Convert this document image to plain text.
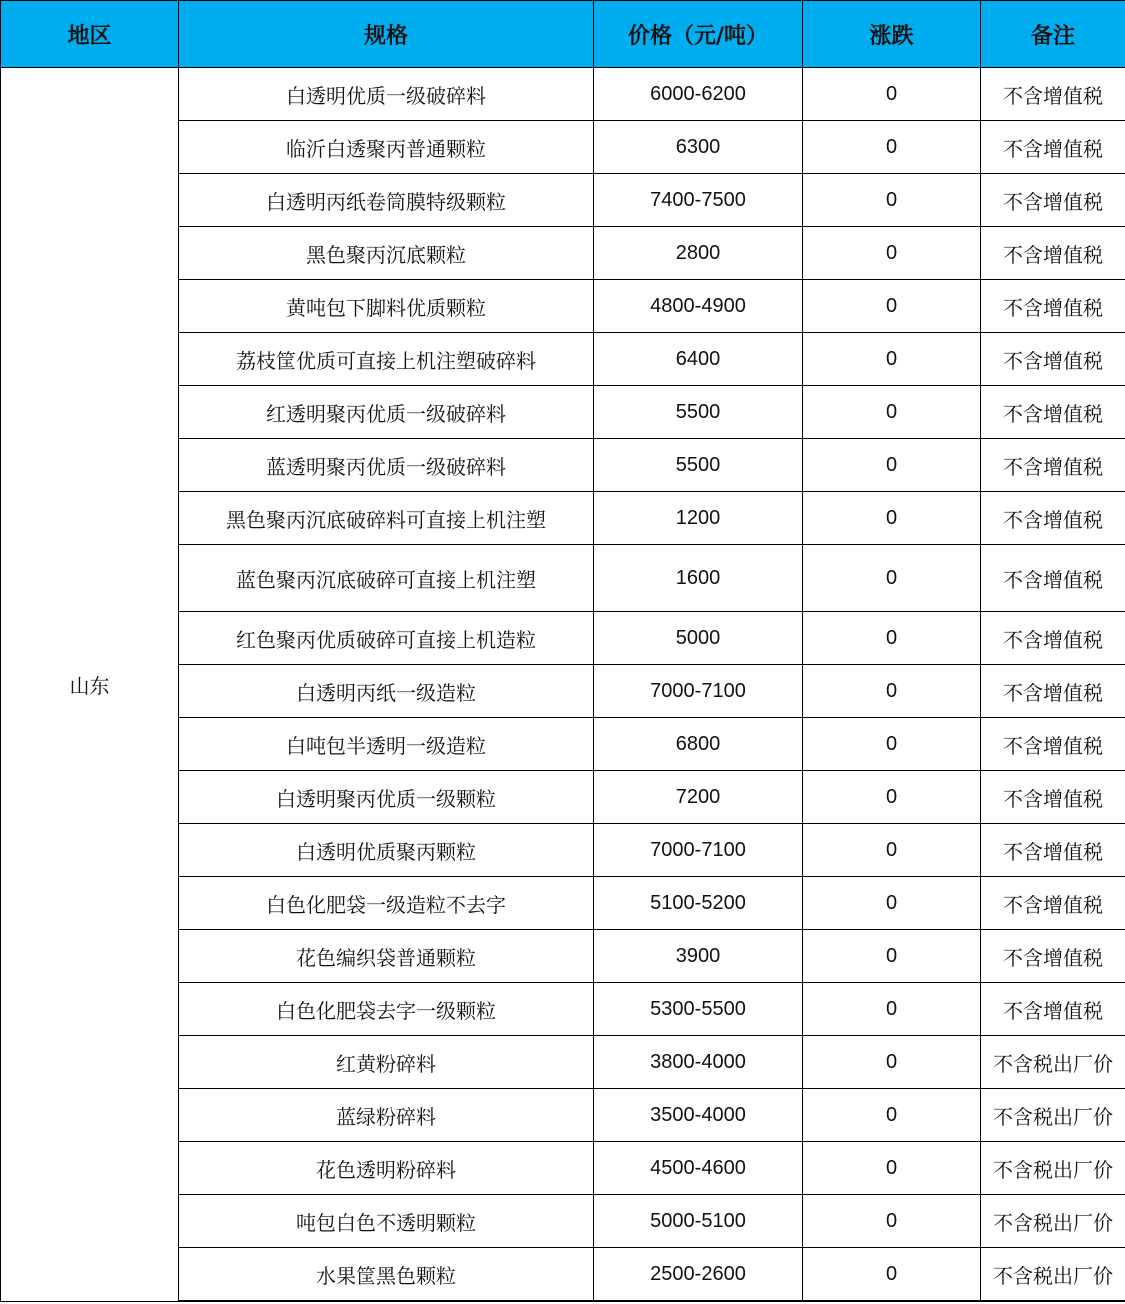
地区	规格	价格（元/吨）	涨跌	备注
山东	白透明优质一级破碎料	6000-6200	0	不含增值税
	临沂白透聚丙普通颗粒	6300	0	不含增值税
	白透明丙纸卷筒膜特级颗粒	7400-7500	0	不含增值税
	黑色聚丙沉底颗粒	2800	0	不含增值税
	黄吨包下脚料优质颗粒	4800-4900	0	不含增值税
	荔枝筐优质可直接上机注塑破碎料	6400	0	不含增值税
	红透明聚丙优质一级破碎料	5500	0	不含增值税
	蓝透明聚丙优质一级破碎料	5500	0	不含增值税
	黑色聚丙沉底破碎料可直接上机注塑	1200	0	不含增值税
	蓝色聚丙沉底破碎可直接上机注塑	1600	0	不含增值税
	红色聚丙优质破碎可直接上机造粒	5000	0	不含增值税
	白透明丙纸一级造粒	7000-7100	0	不含增值税
	白吨包半透明一级造粒	6800	0	不含增值税
	白透明聚丙优质一级颗粒	7200	0	不含增值税
	白透明优质聚丙颗粒	7000-7100	0	不含增值税
	白色化肥袋一级造粒不去字	5100-5200	0	不含增值税
	花色编织袋普通颗粒	3900	0	不含增值税
	白色化肥袋去字一级颗粒	5300-5500	0	不含增值税
	红黄粉碎料	3800-4000	0	不含税出厂价
	蓝绿粉碎料	3500-4000	0	不含税出厂价
	花色透明粉碎料	4500-4600	0	不含税出厂价
	吨包白色不透明颗粒	5000-5100	0	不含税出厂价
	水果筐黑色颗粒	2500-2600	0	不含税出厂价
